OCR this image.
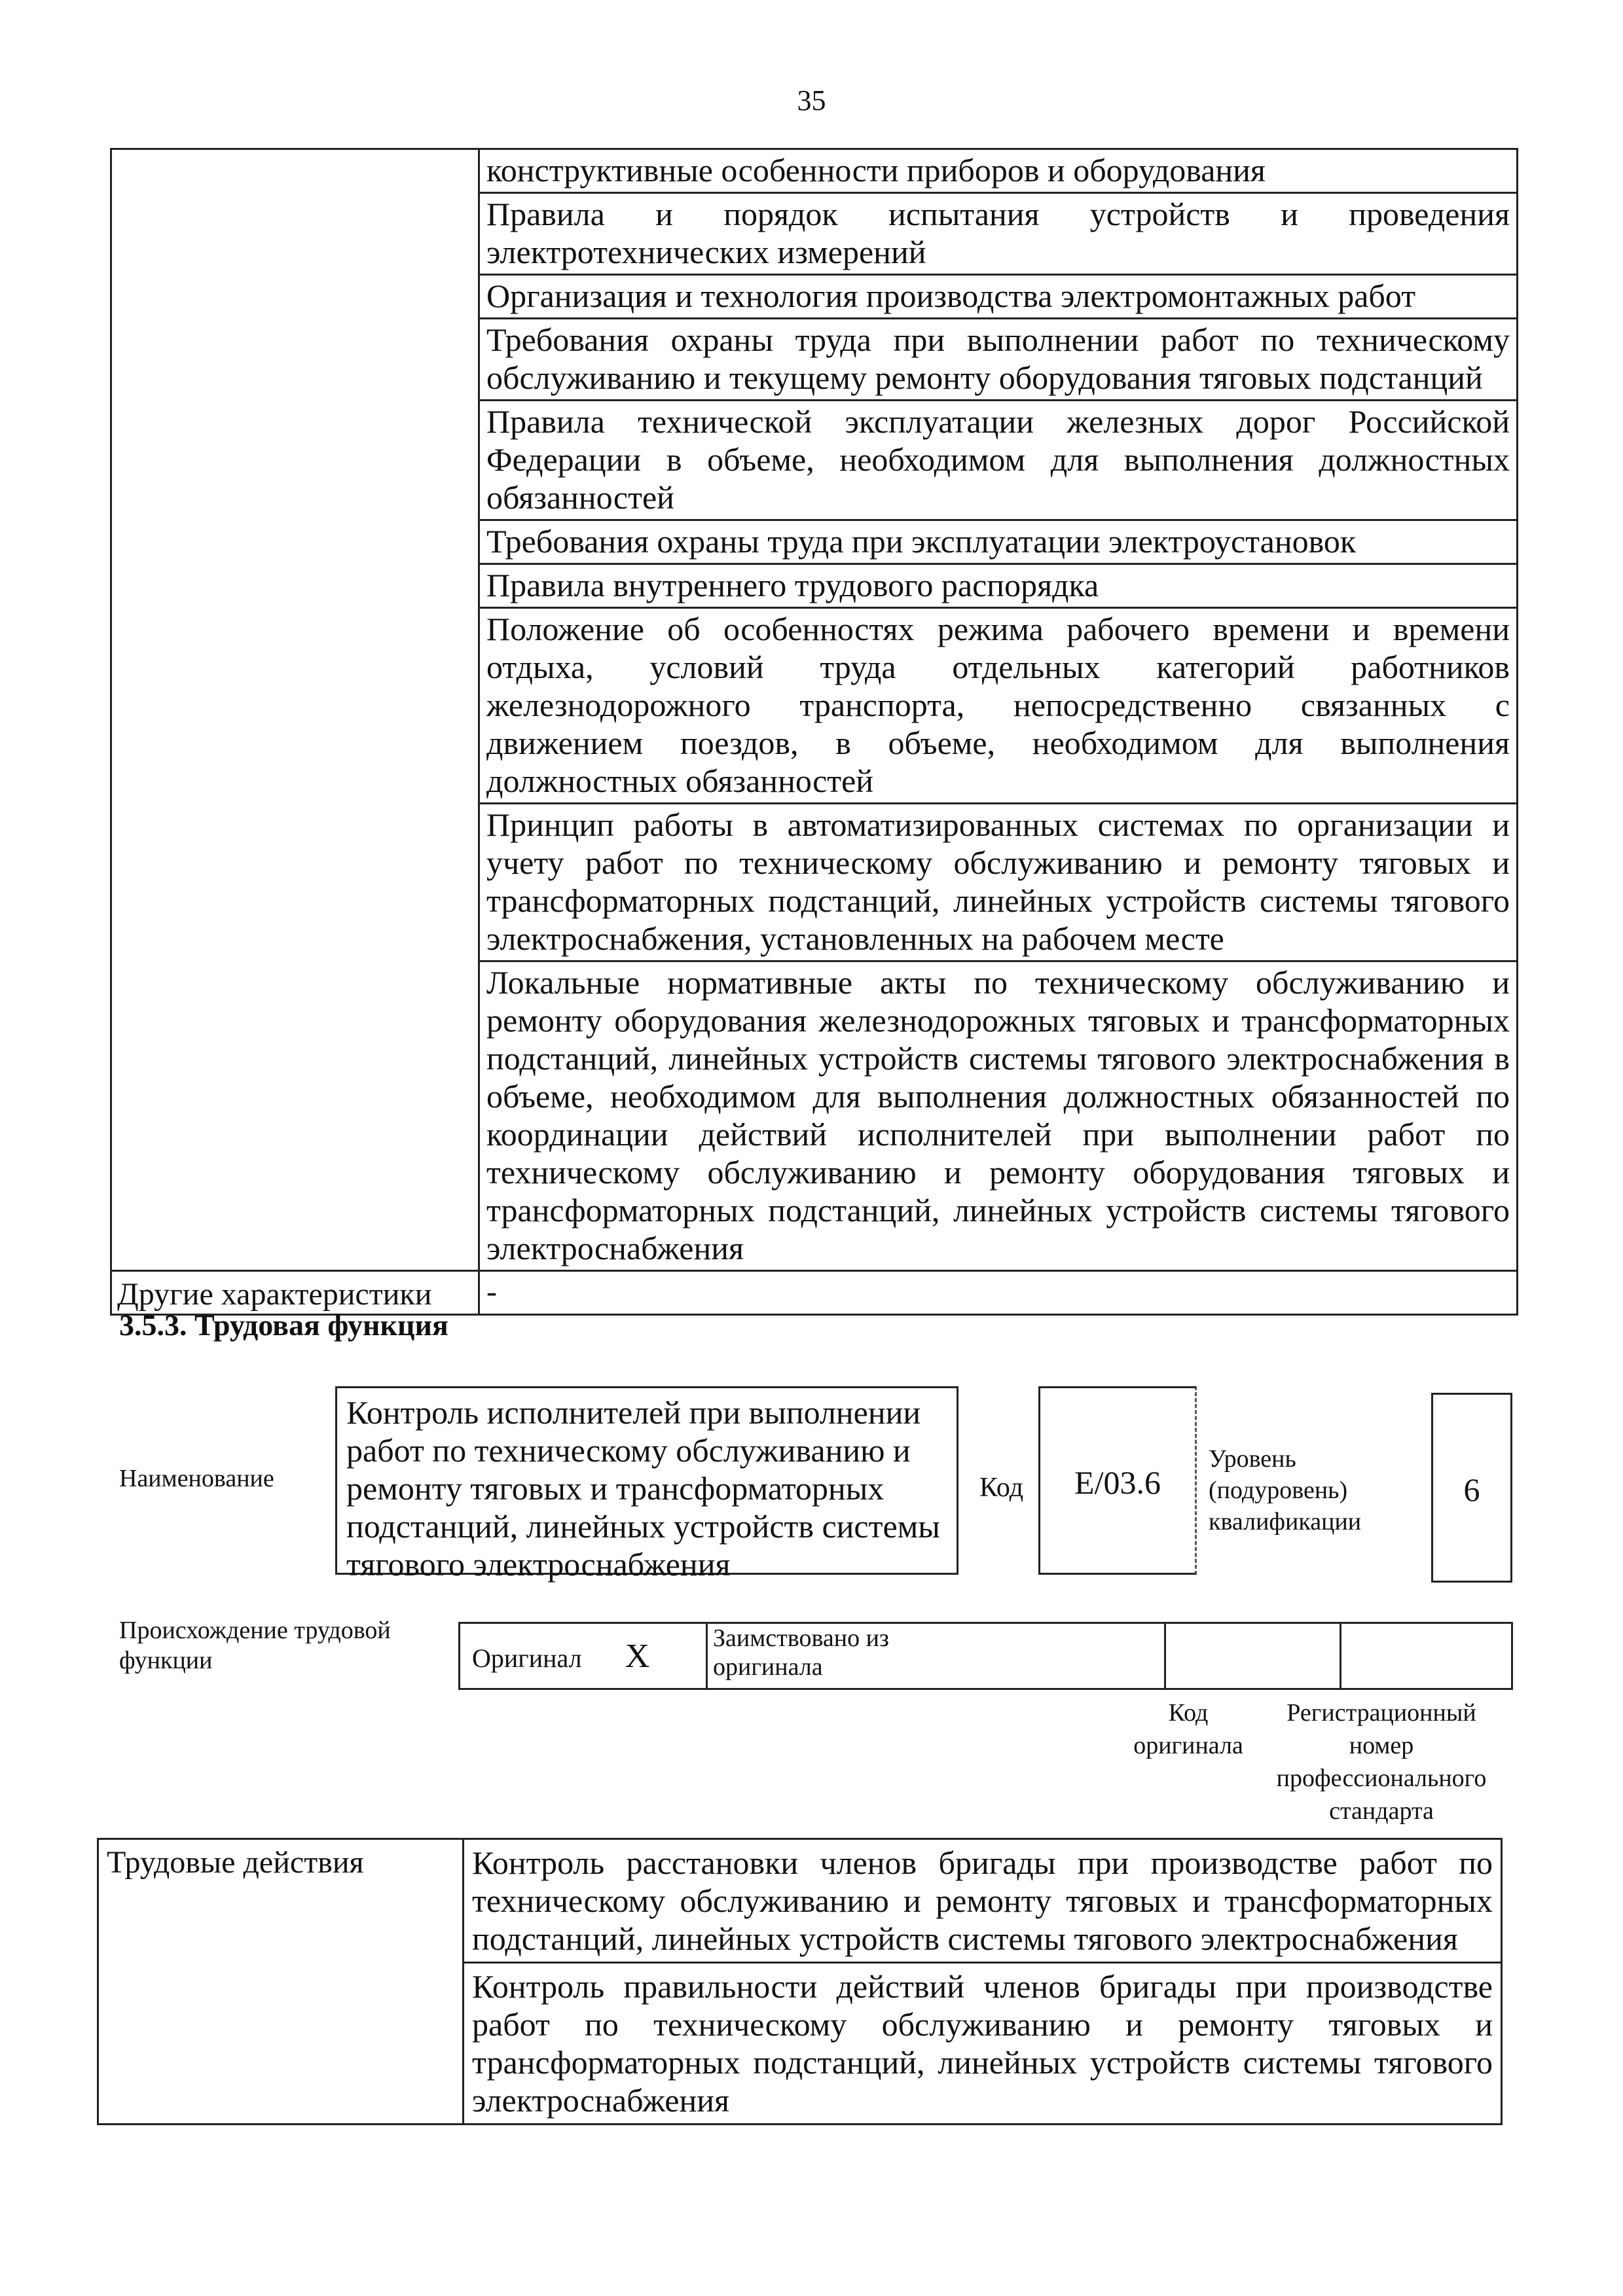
35
	конструктивные особенности приборов и оборудования
	Правила и порядок испытания устройств и проведения электротехнических измерений
	Организация и технология производства электромонтажных работ
	Требования охраны труда при выполнении работ по техническому обслуживанию и текущему ремонту оборудования тяговых подстанций
	Правила технической эксплуатации железных дорог Российской Федерации в объеме, необходимом для выполнения должностных обязанностей
	Требования охраны труда при эксплуатации электроустановок
	Правила внутреннего трудового распорядка
	Положение об особенностях режима рабочего времени и времени отдыха, условий труда отдельных категорий работников железнодорожного транспорта, непосредственно связанных с движением поездов, в объеме, необходимом для выполнения должностных обязанностей
	Принцип работы в автоматизированных системах по организации и учету работ по техническому обслуживанию и ремонту тяговых и трансформаторных подстанций, линейных устройств системы тягового электроснабжения, установленных на рабочем месте
	Локальные нормативные акты по техническому обслуживанию и ремонту оборудования железнодорожных тяговых и трансформаторных подстанций, линейных устройств системы тягового электроснабжения в объеме, необходимом для выполнения должностных обязанностей по координации действий исполнителей при выполнении работ по техническому обслуживанию и ремонту оборудования тяговых и трансформаторных подстанций, линейных устройств системы тягового электроснабжения
Другие характеристики	-
3.5.3. Трудовая функция
Наименование
Контроль исполнителей при выполнении работ по техническому обслуживанию и ремонту тяговых и трансформаторных подстанций, линейных устройств системы тягового электроснабжения
Код	E/03.6
Уровень
(подуровень)
квалификации
6
Происхождение трудовой
функции	Оригинал X	Заимствовано из
оригинала

Код
оригинала
Регистрационный
номер
профессионального
стандарта
Трудовые действия	Контроль расстановки членов бригады при производстве работ по техническому обслуживанию и ремонту тяговых и трансформаторных подстанций, линейных устройств системы тягового электроснабжения
Контроль правильности действий членов бригады при производстве работ по техническому обслуживанию и ремонту тяговых и трансформаторных подстанций, линейных устройств системы тягового электроснабжения
